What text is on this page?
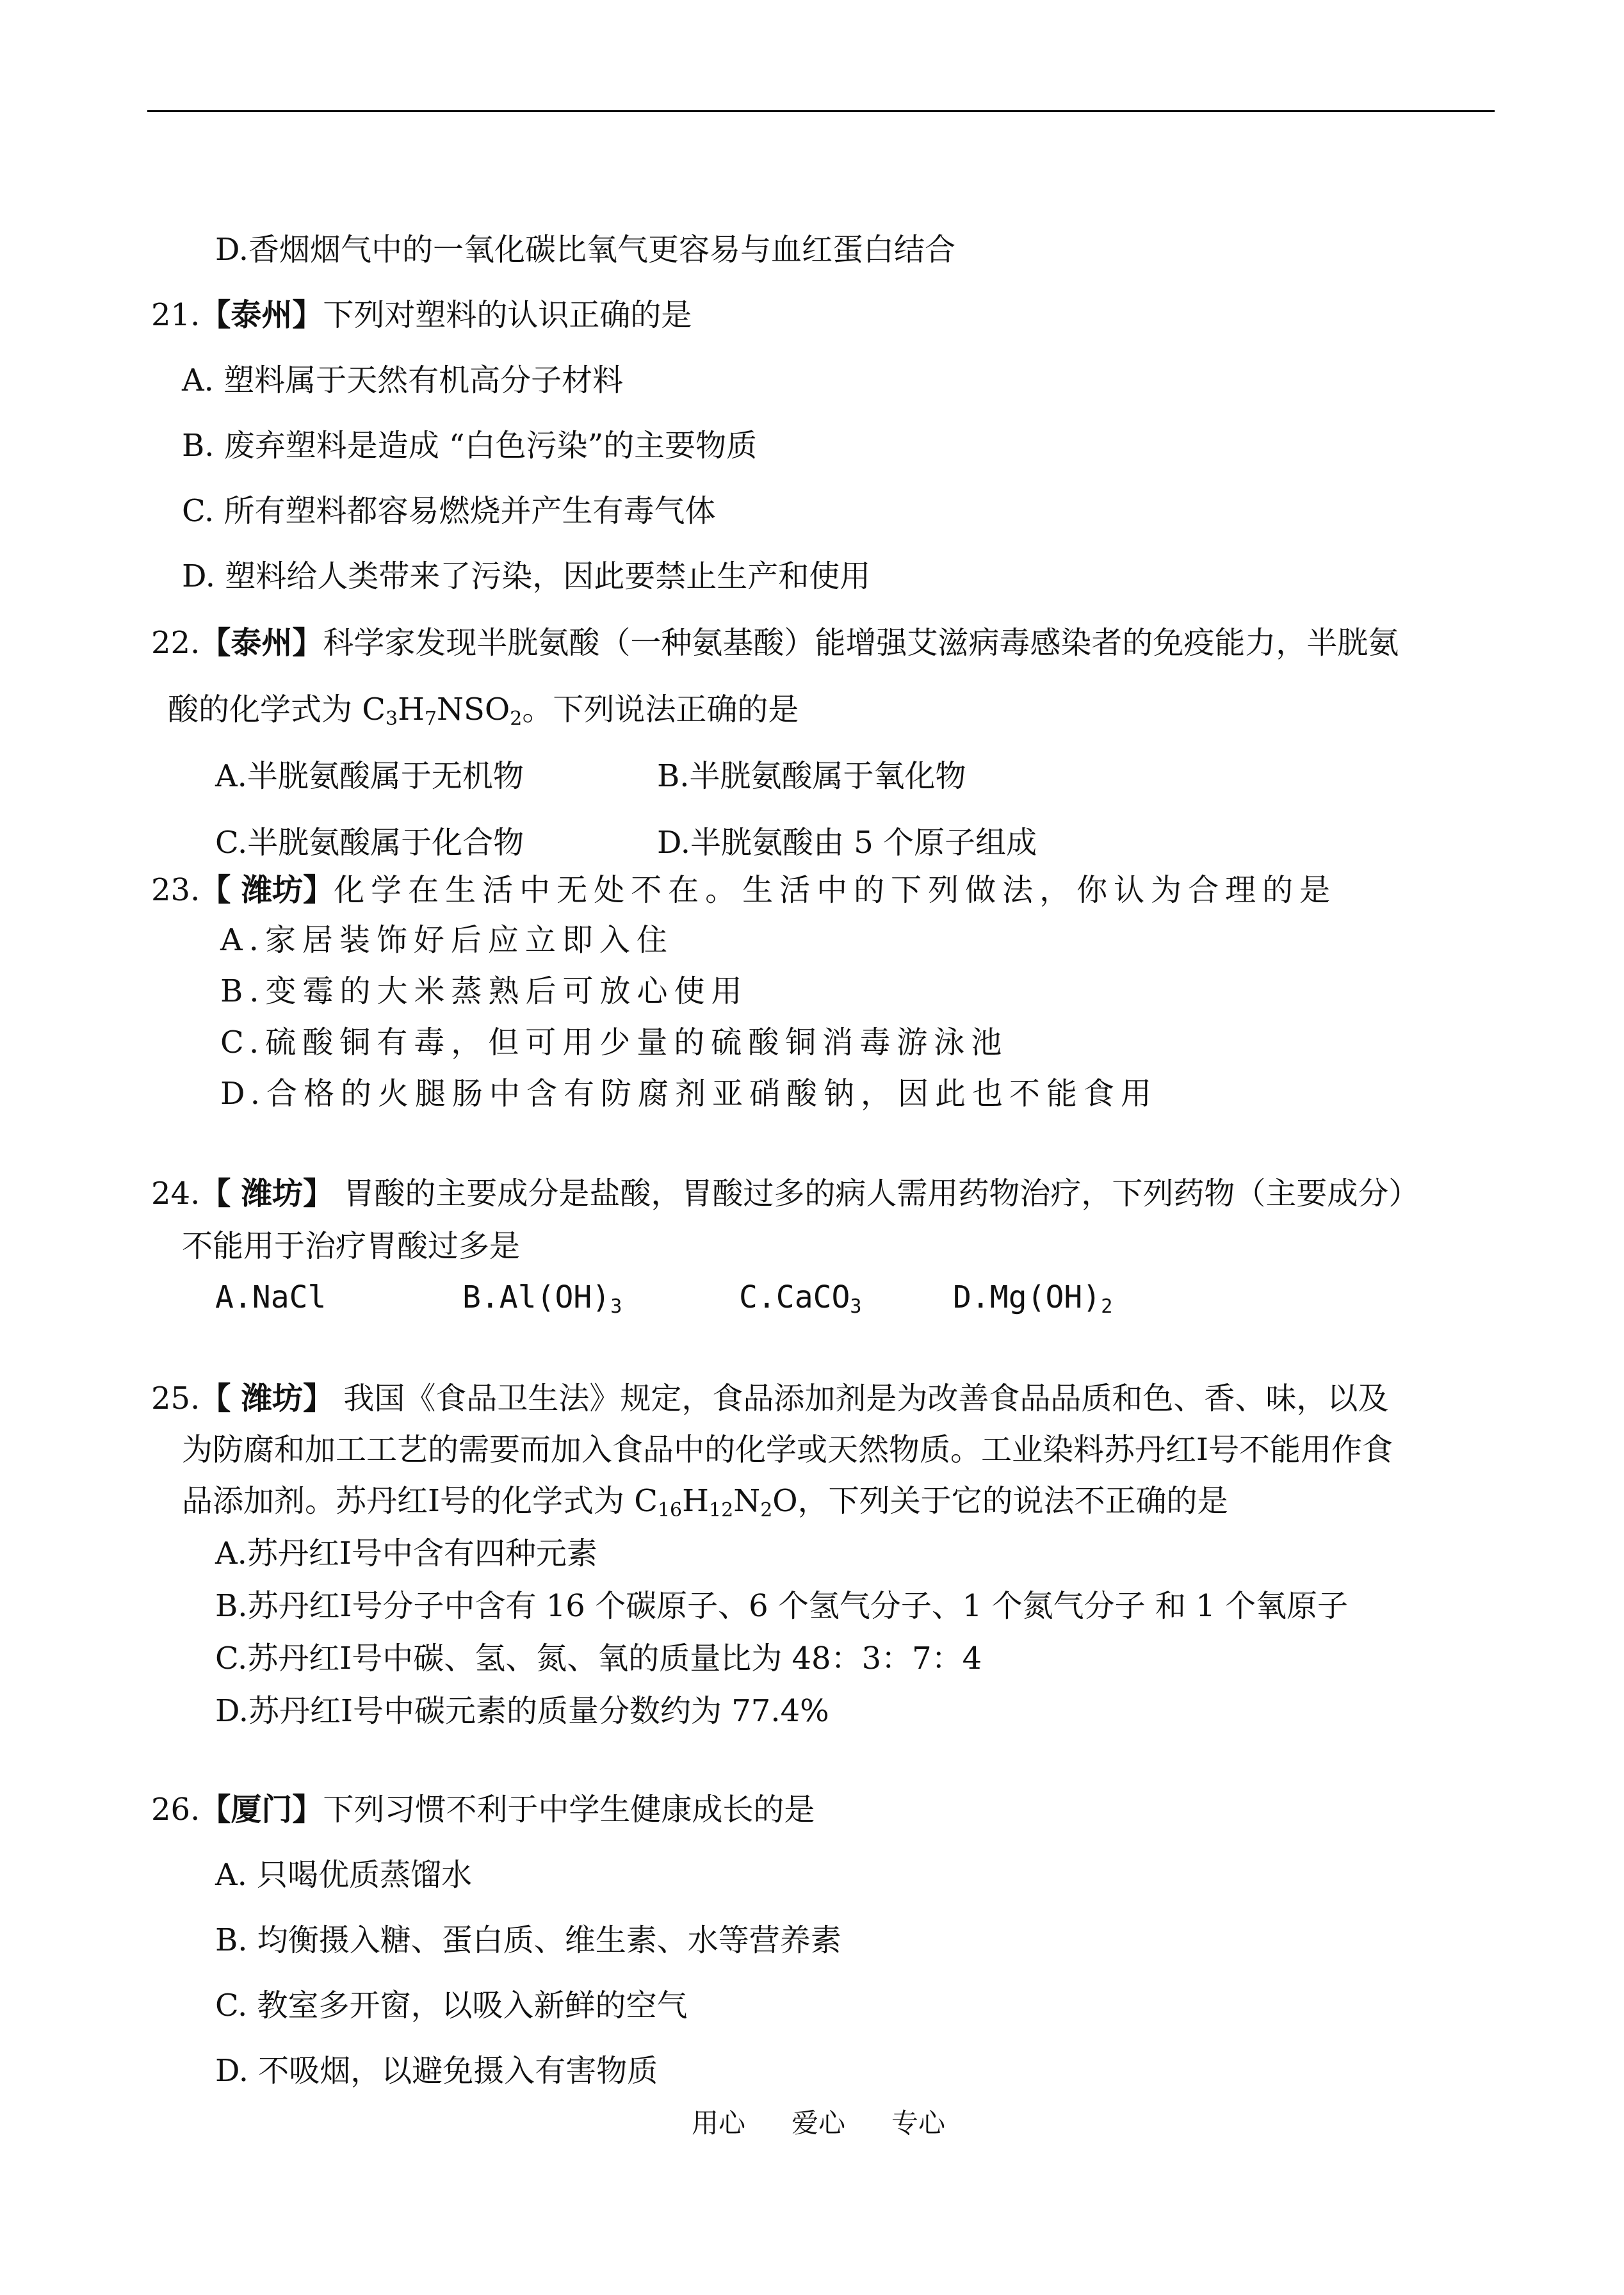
D.香烟烟气中的一氧化碳比氧气更容易与血红蛋白结合
21.【泰州】下列对塑料的认识正确的是
A. 塑料属于天然有机高分子材料
B. 废弃塑料是造成 “白色污染”的主要物质
C. 所有塑料都容易燃烧并产生有毒气体
D. 塑料给人类带来了污染，因此要禁止生产和使用
22.【泰州】科学家发现半胱氨酸（一种氨基酸）能增强艾滋病毒感染者的免疫能力，半胱氨
酸的化学式为 $C_3H_7NSO_2$。下列说法正确的是
A.半胱氨酸属于无机物	B.半胱氨酸属于氧化物
C.半胱氨酸属于化合物	D.半胱氨酸由 5 个原子组成
23.【 潍坊】化学在生活中无处不在。生活中的下列做法，你认为合理的是
A.家居装饰好后应立即入住
B.变霉的大米蒸熟后可放心使用
C.硫酸铜有毒，但可用少量的硫酸铜消毒游泳池
D.合格的火腿肠中含有防腐剂亚硝酸钠，因此也不能食用
24.【 潍坊】 胃酸的主要成分是盐酸，胃酸过多的病人需用药物治疗，下列药物（主要成分）
不能用于治疗胃酸过多是
A.NaCl	$B.Al(OH)_3$	C.CaCO$_3$	$D.Mg(OH)_2$
25.【 潍坊】 我国《食品卫生法》规定，食品添加剂是为改善食品品质和色、香、味，以及
为防腐和加工工艺的需要而加入食品中的化学或天然物质。工业染料苏丹红Ⅰ号不能用作食
品添加剂。苏丹红Ⅰ号的化学式为 $C_{16}H_{12}N_2O$，下列关于它的说法不正确的是
A.苏丹红Ⅰ号中含有四种元素
B.苏丹红Ⅰ号分子中含有 16 个碳原子、6 个氢气分子、1 个氮气分子 和 1 个氧原子
C.苏丹红Ⅰ号中碳、氢、氮、氧的质量比为 48：3：7：4
D.苏丹红Ⅰ号中碳元素的质量分数约为 77.4%
26.【厦门】下列习惯不利于中学生健康成长的是
A. 只喝优质蒸馏水
B. 均衡摄入糖、蛋白质、维生素、水等营养素
C. 教室多开窗，以吸入新鲜的空气
D. 不吸烟，以避免摄入有害物质
用心 爱心 专心
